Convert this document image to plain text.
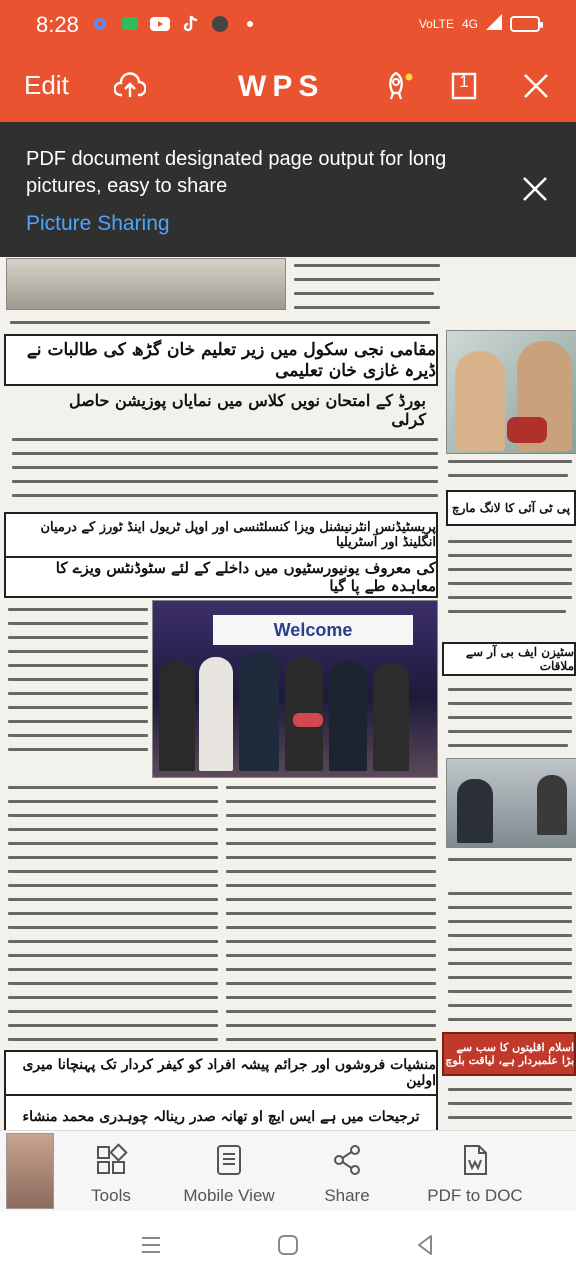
8:28	VoLTE 4G
Edit	WPS	1
مقامی نجی سکول میں زیر تعلیم خان گڑھ کی طالبات نے ڈیرہ غازی خان تعلیمی
بورڈ کے امتحان نویں کلاس میں نمایاں پوزیشن حاصل کرلی
پی ٹی آئی کا لانگ مارچ
پریسٹیڈنس انٹرنیشنل ویزا کنسلٹنسی اور اوپل ٹریول اینڈ ٹورز کے درمیان انگلینڈ اور آسٹریلیا
کی معروف یونیورسٹیوں میں داخلے کے لئے سٹوڈنٹس ویزے کا معاہدہ طے پا گیا
Welcome
سٹیزن ایف بی آر سے ملاقات
اسلام اقلیتوں کا سب سے بڑا علمبردار ہے، لیاقت بلوچ
منشیات فروشوں اور جرائم پیشہ افراد کو کیفر کردار تک پہنچانا میری اولین
ترجیحات میں ہے ایس ایچ او تھانہ صدر رینالہ چوہدری محمد منشاء
PDF document designated page output for long pictures, easy to share
Picture Sharing
Tools	Mobile View	Share	PDF to DOC
